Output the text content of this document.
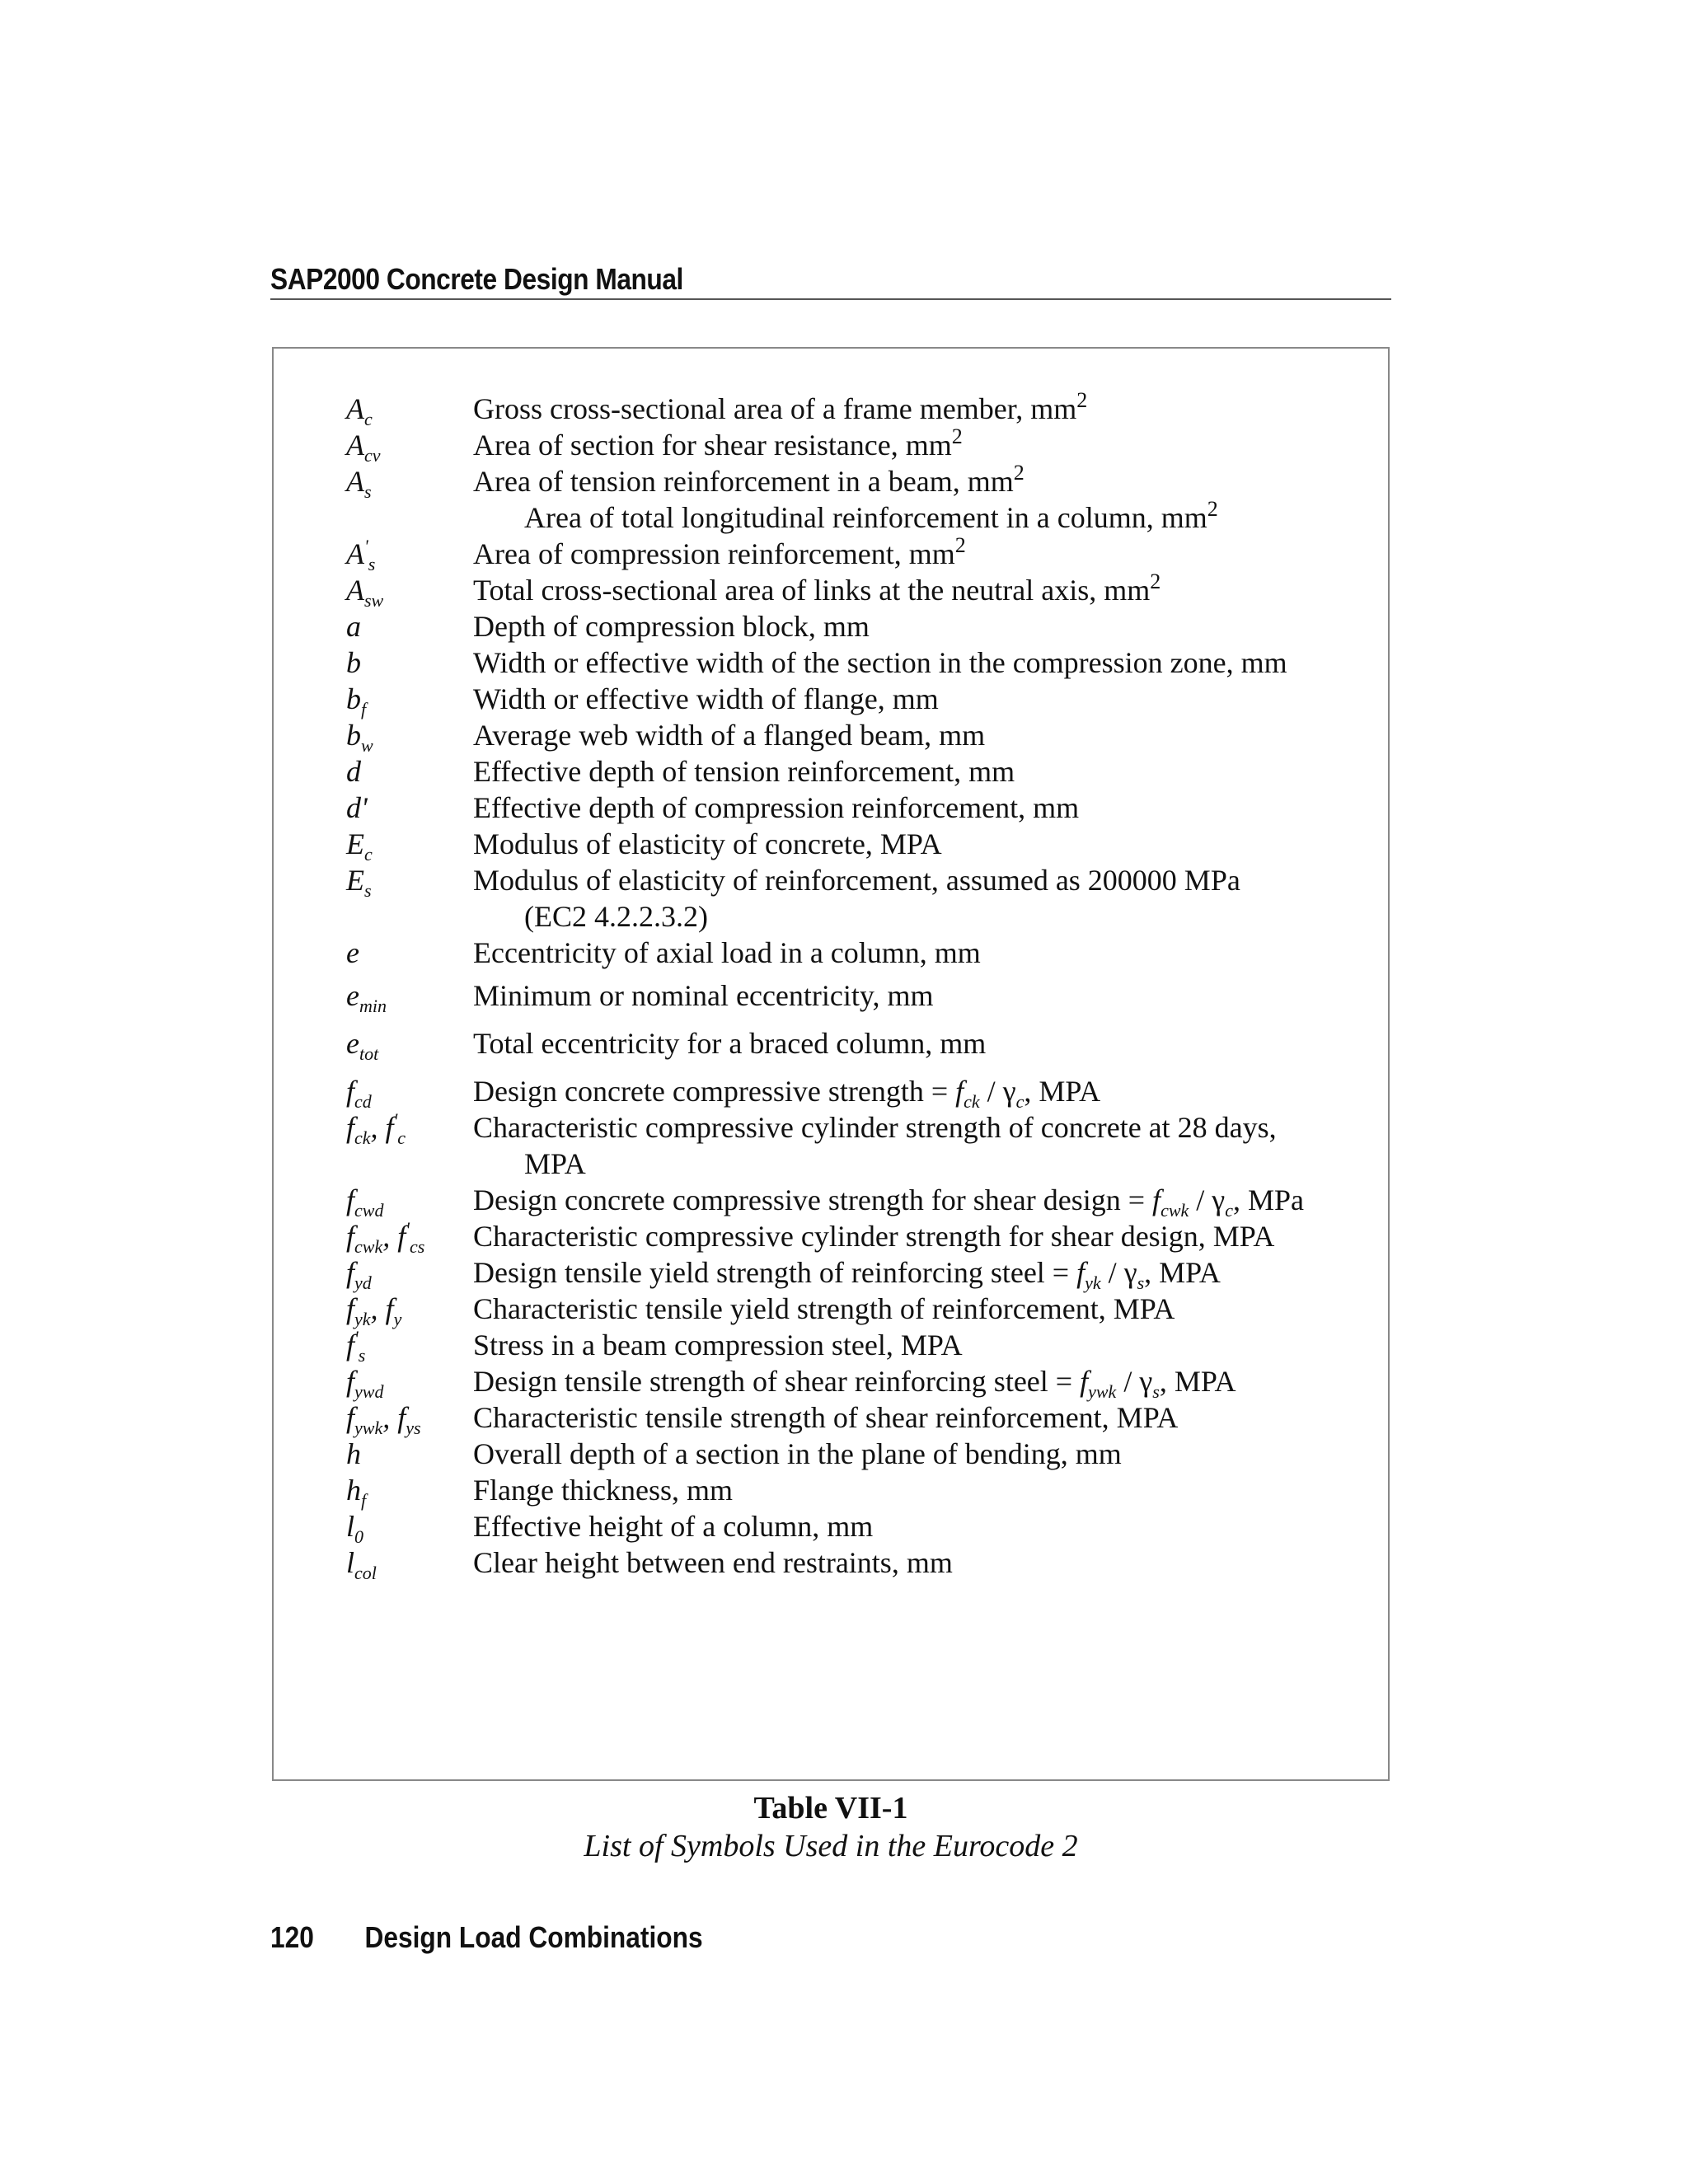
SAP2000 Concrete Design Manual
$A_c$	Gross cross-sectional area of a frame member, $mm^2$
$A_{cv}$	Area of section for shear resistance, $mm^2$
$A_s$	Area of tension reinforcement in a beam, $mm^2$
Area of total longitudinal reinforcement in a column, $mm^2$
$A'_s$	Area of compression reinforcement, $mm^2$
$A_{sw}$	Total cross-sectional area of links at the neutral axis, $mm^2$
a	Depth of compression block, mm
b	Width or effective width of the section in the compression zone, mm
$b_f$	Width or effective width of flange, mm
$b_w$	Average web width of a flanged beam, mm
d	Effective depth of tension reinforcement, mm
d'	Effective depth of compression reinforcement, mm
$E_c$	Modulus of elasticity of concrete, MPA
$E_s$	Modulus of elasticity of reinforcement, assumed as 200000 MPa
(EC2 4.2.2.3.2)
e	Eccentricity of axial load in a column, mm
$e_{min}$	Minimum or nominal eccentricity, mm
$e_{tot}$	Total eccentricity for a braced column, mm
$f_{cd}$	Design concrete compressive strength = $f_{ck} / \gamma_c$, MPA
$f_{ck}$, $f'_c$	Characteristic compressive cylinder strength of concrete at 28 days,
MPA
$f_{cwd}$	Design concrete compressive strength for shear design = $f_{cwk} / \gamma_c$, MPa
$f_{cwk}$, $f'_{cs}$	Characteristic compressive cylinder strength for shear design, MPA
$f_{yd}$	Design tensile yield strength of reinforcing steel = $f_{yk} / \gamma_s$, MPA
$f_{yk}$, $f_y$	Characteristic tensile yield strength of reinforcement, MPA
$f'_s$	Stress in a beam compression steel, MPA
$f_{ywd}$	Design tensile strength of shear reinforcing steel = $f_{ywk} / \gamma_s$, MPA
$f_{ywk}$, $f_{ys}$	Characteristic tensile strength of shear reinforcement, MPA
h	Overall depth of a section in the plane of bending, mm
$h_f$	Flange thickness, mm
$l_0$	Effective height of a column, mm
$l_{col}$	Clear height between end restraints, mm
Table VII-1
List of Symbols Used in the Eurocode 2
120 Design Load Combinations
